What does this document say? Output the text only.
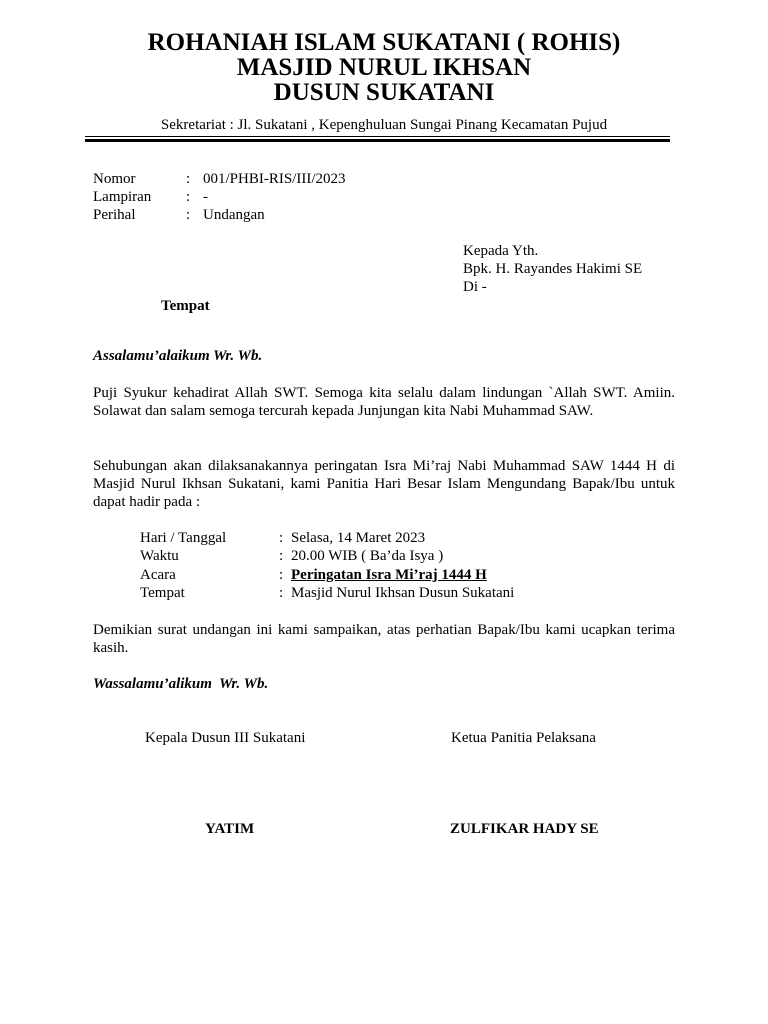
ROHANIAH ISLAM SUKATANI ( ROHIS)
MASJID NURUL IKHSAN
DUSUN SUKATANI
Sekretariat : Jl. Sukatani , Kepenghuluan Sungai Pinang Kecamatan Pujud
Nomor	: 001/PHBI-RIS/III/2023
Lampiran : -
Perihal	: Undangan
Kepada Yth.
Bpk. H. Rayandes Hakimi SE
Di -
Tempat
Assalamu’alaikum Wr. Wb.
Puji Syukur kehadirat Allah SWT. Semoga kita selalu dalam lindungan `Allah SWT. Amiin. Solawat dan salam semoga tercurah kepada Junjungan kita Nabi Muhammad SAW.
Sehubungan akan dilaksanakannya peringatan Isra Mi’raj Nabi Muhammad SAW 1444 H di Masjid Nurul Ikhsan Sukatani, kami Panitia Hari Besar Islam Mengundang Bapak/Ibu untuk dapat hadir pada :
Hari / Tanggal	: Selasa, 14 Maret 2023
Waktu	: 20.00 WIB ( Ba’da Isya )
Acara	: Peringatan Isra Mi’raj 1444 H
Tempat	: Masjid Nurul Ikhsan Dusun Sukatani
Demikian surat undangan ini kami sampaikan, atas perhatian Bapak/Ibu kami ucapkan terima kasih.
Wassalamu’alikum  Wr. Wb.
Kepala Dusun III Sukatani	Ketua Panitia Pelaksana
YATIM	ZULFIKAR HADY SE
